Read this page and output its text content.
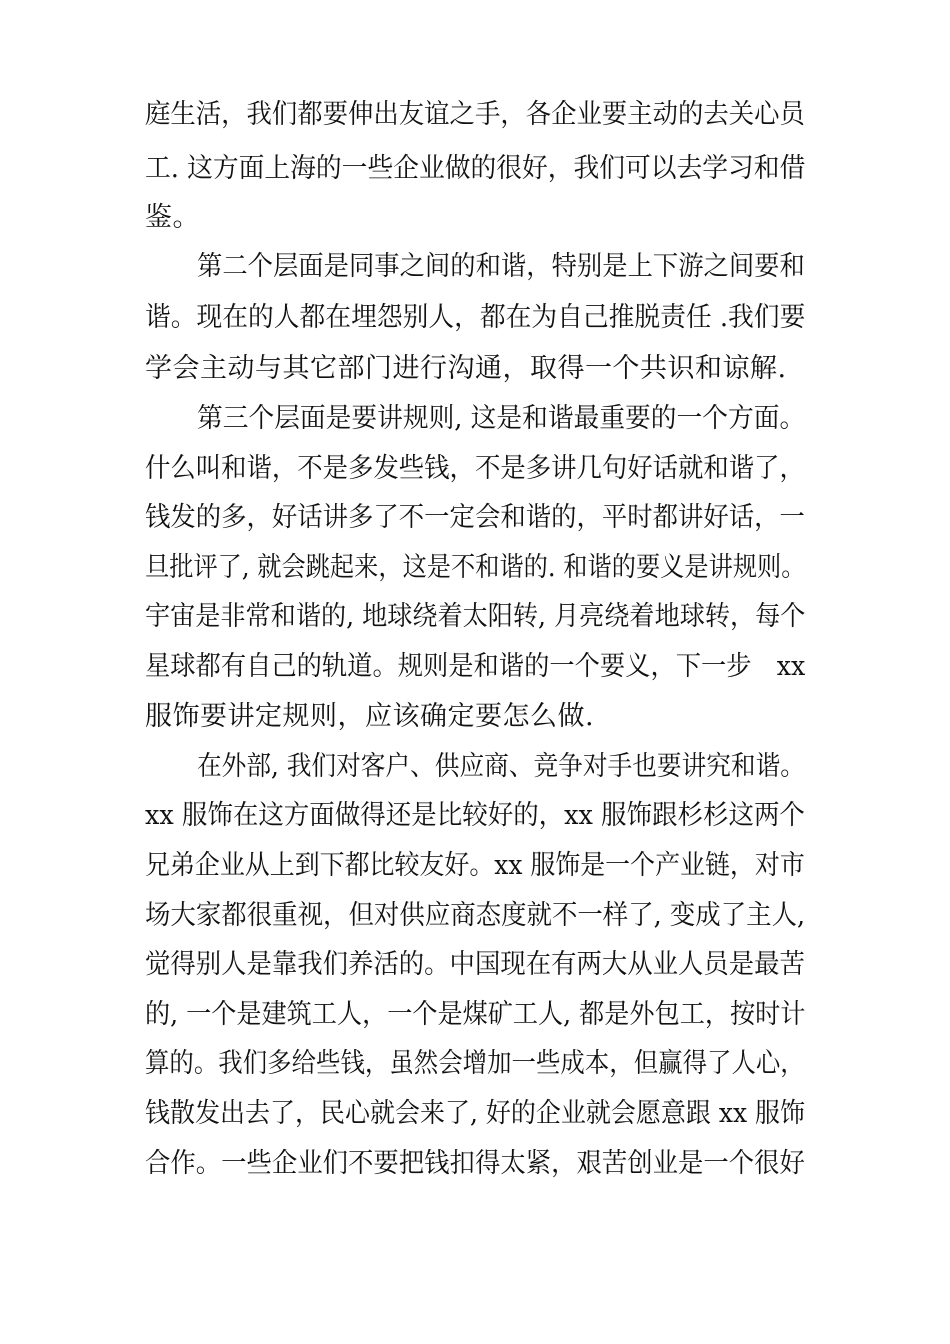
庭生活，我们都要伸出友谊之手，各企业要主动的去关心员
工. 这方面上海的一些企业做的很好，我们可以去学习和借
鉴。
第二个层面是同事之间的和谐，特别是上下游之间要和
谐。现在的人都在埋怨别人，都在为自己推脱责任 .我们要
学会主动与其它部门进行沟通，取得一个共识和谅解.
第三个层面是要讲规则, 这是和谐最重要的一个方面。
什么叫和谐，不是多发些钱，不是多讲几句好话就和谐了，
钱发的多，好话讲多了不一定会和谐的，平时都讲好话，一
旦批评了, 就会跳起来，这是不和谐的. 和谐的要义是讲规则。
宇宙是非常和谐的, 地球绕着太阳转, 月亮绕着地球转，每个
星球都有自己的轨道。规则是和谐的一个要义，下一步　xx
服饰要讲定规则，应该确定要怎么做.
在外部, 我们对客户、供应商、竞争对手也要讲究和谐。
xx 服饰在这方面做得还是比较好的，xx 服饰跟杉杉这两个
兄弟企业从上到下都比较友好。xx 服饰是一个产业链，对市
场大家都很重视，但对供应商态度就不一样了, 变成了主人,
觉得别人是靠我们养活的。中国现在有两大从业人员是最苦
的, 一个是建筑工人，一个是煤矿工人, 都是外包工，按时计
算的。我们多给些钱，虽然会增加一些成本，但赢得了人心，
钱散发出去了，民心就会来了, 好的企业就会愿意跟 xx 服饰
合作。一些企业们不要把钱扣得太紧，艰苦创业是一个很好
